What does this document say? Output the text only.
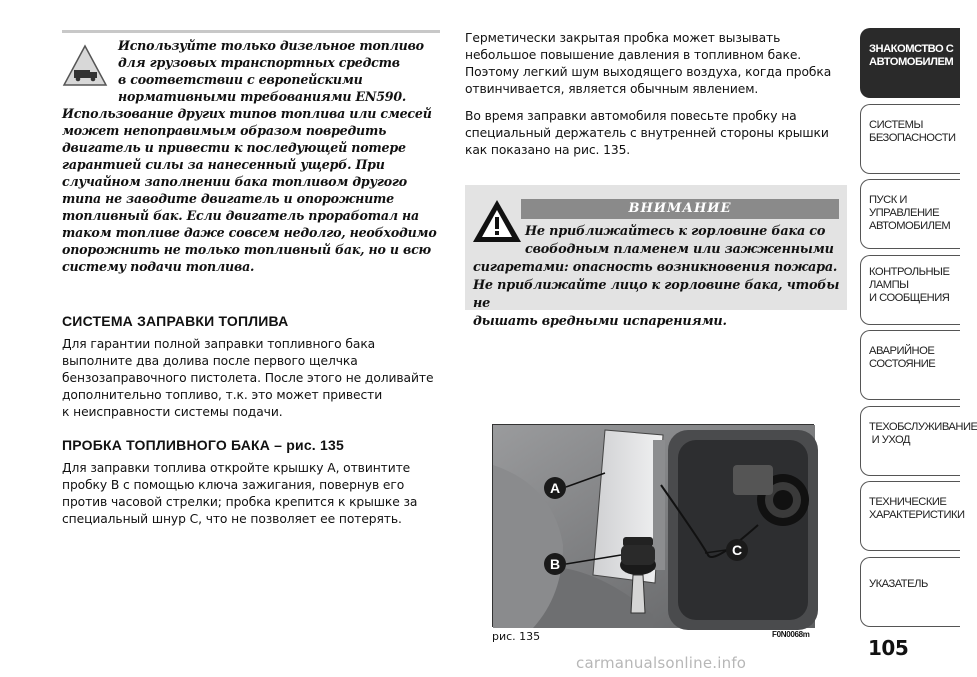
Используйте только дизельное топливо
для грузовых транспортных средств
в соответствии с европейскими
нормативными требованиями EN590.
Использование других типов топлива или смесей
может непоправимым образом повредить
двигатель и привести к последующей потере
гарантией силы за нанесенный ущерб. При
случайном заполнении бака топливом другого
типа не заводите двигатель и опорожните
топливный бак. Если двигатель проработал на
таком топливе даже совсем недолго, необходимо
опорожнить не только топливный бак, но и всю
систему подачи топлива.
СИСТЕМА ЗАПРАВКИ ТОПЛИВА
Для гарантии полной заправки топливного бака
выполните два долива после первого щелчка
бензозаправочного пистолета. После этого не доливайте
дополнительно топливо, т.к. это может привести
к неисправности системы подачи.
ПРОБКА ТОПЛИВНОГО БАКА – рис. 135
Для заправки топлива откройте крышку A, отвинтите
пробку B с помощью ключа зажигания, повернув его
против часовой стрелки; пробка крепится к крышке за
специальный шнур C, что не позволяет ее потерять.
Герметически закрытая пробка может вызывать
небольшое повышение давления в топливном баке.
Поэтому легкий шум выходящего воздуха, когда пробка
отвинчивается, является обычным явлением.
Во время заправки автомобиля повесьте пробку на
специальный держатель с внутренней стороны крышки
как показано на рис. 135.
ВНИМАНИЕ
Не приближайтесь к горловине бака со
свободным пламенем или зажженными
сигаретами: опасность возникновения пожара.
Не приближайте лицо к горловине бака, чтобы не
дышать вредными испарениями.
A
B
C
рис. 135	F0N0068m
ЗНАКОМСТВО С
АВТОМОБИЛЕМ
СИСТЕМЫ
БЕЗОПАСНОСТИ
ПУСК И УПРАВЛЕНИЕ
АВТОМОБИЛЕМ
КОНТРОЛЬНЫЕ
ЛАМПЫ
И СООБЩЕНИЯ
АВАРИЙНОЕ
СОСТОЯНИЕ
ТЕХОБСЛУЖИВАНИЕ
И УХОД
ТЕХНИЧЕСКИЕ
ХАРАКТЕРИСТИКИ
УКАЗАТЕЛЬ
105
carmanualsonline.info
